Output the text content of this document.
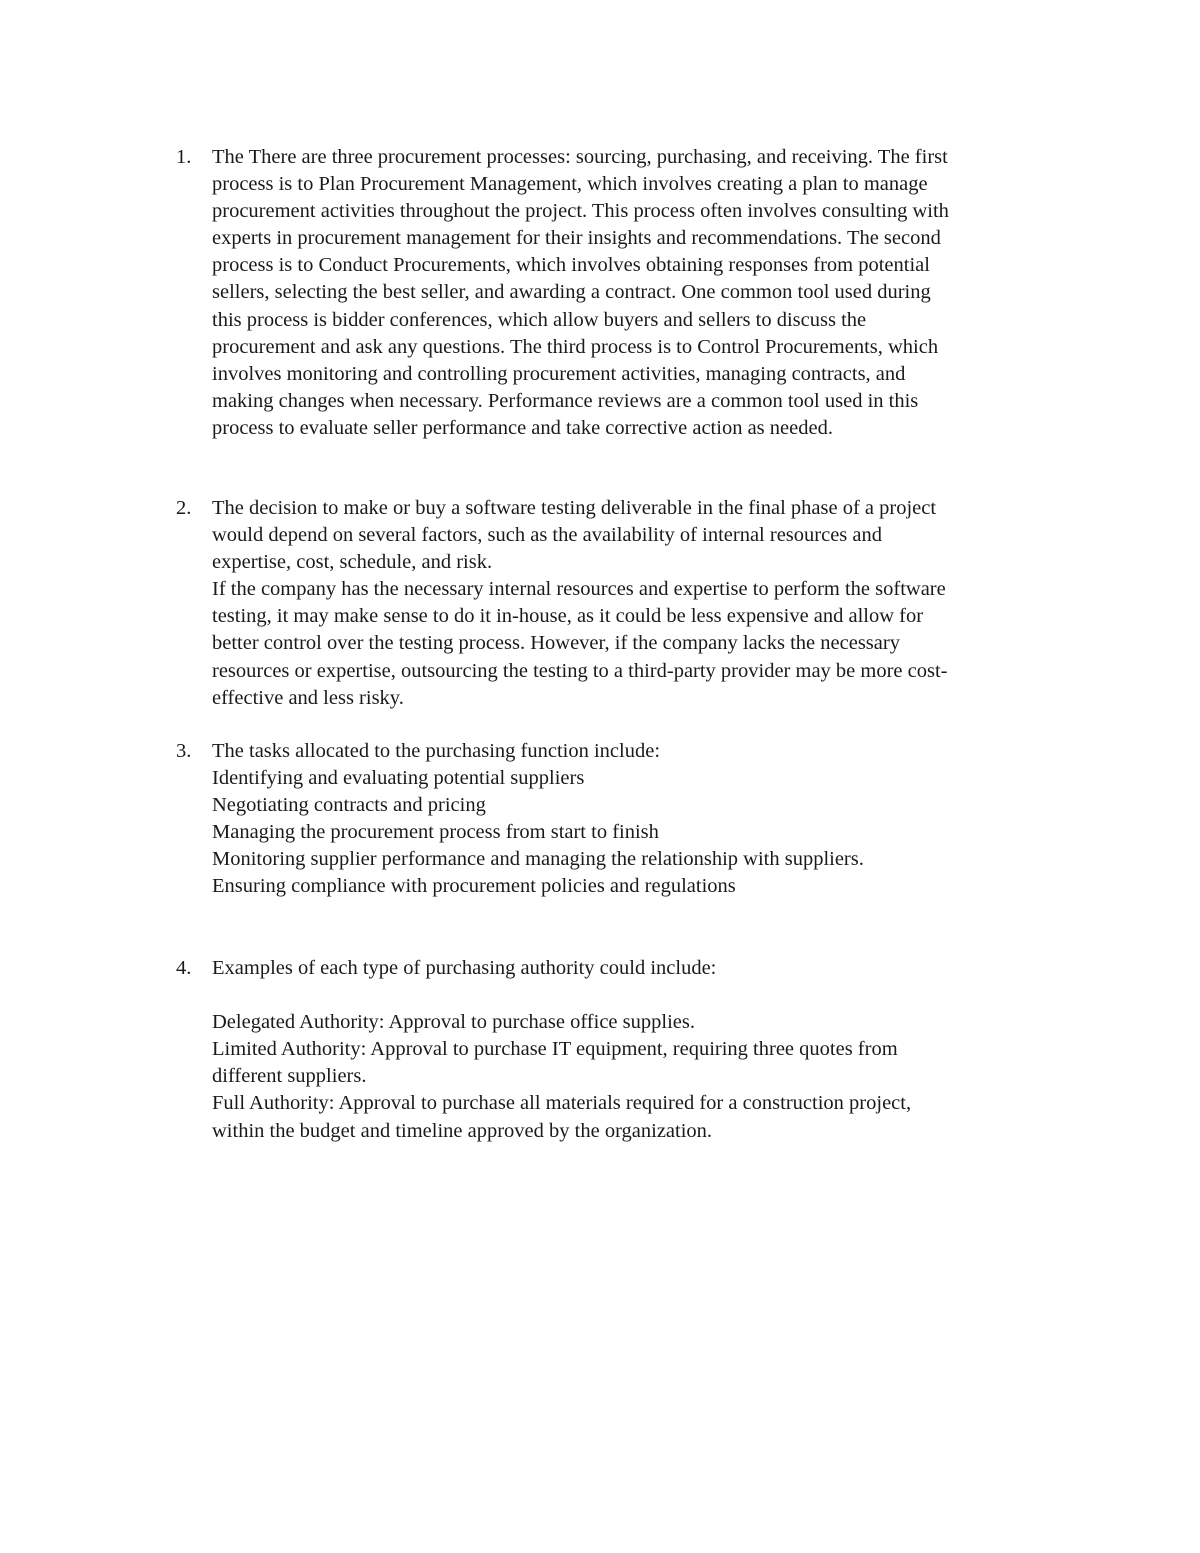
1.	The There are three procurement processes: sourcing, purchasing, and receiving. The first
process is to Plan Procurement Management, which involves creating a plan to manage
procurement activities throughout the project. This process often involves consulting with
experts in procurement management for their insights and recommendations. The second
process is to Conduct Procurements, which involves obtaining responses from potential
sellers, selecting the best seller, and awarding a contract. One common tool used during
this process is bidder conferences, which allow buyers and sellers to discuss the
procurement and ask any questions. The third process is to Control Procurements, which
involves monitoring and controlling procurement activities, managing contracts, and
making changes when necessary. Performance reviews are a common tool used in this
process to evaluate seller performance and take corrective action as needed.
2.	The decision to make or buy a software testing deliverable in the final phase of a project
would depend on several factors, such as the availability of internal resources and
expertise, cost, schedule, and risk.
If the company has the necessary internal resources and expertise to perform the software
testing, it may make sense to do it in-house, as it could be less expensive and allow for
better control over the testing process. However, if the company lacks the necessary
resources or expertise, outsourcing the testing to a third-party provider may be more cost-
effective and less risky.
3.	The tasks allocated to the purchasing function include:
Identifying and evaluating potential suppliers
Negotiating contracts and pricing
Managing the procurement process from start to finish
Monitoring supplier performance and managing the relationship with suppliers.
Ensuring compliance with procurement policies and regulations
4.	Examples of each type of purchasing authority could include:
Delegated Authority: Approval to purchase office supplies.
Limited Authority: Approval to purchase IT equipment, requiring three quotes from
different suppliers.
Full Authority: Approval to purchase all materials required for a construction project,
within the budget and timeline approved by the organization.
